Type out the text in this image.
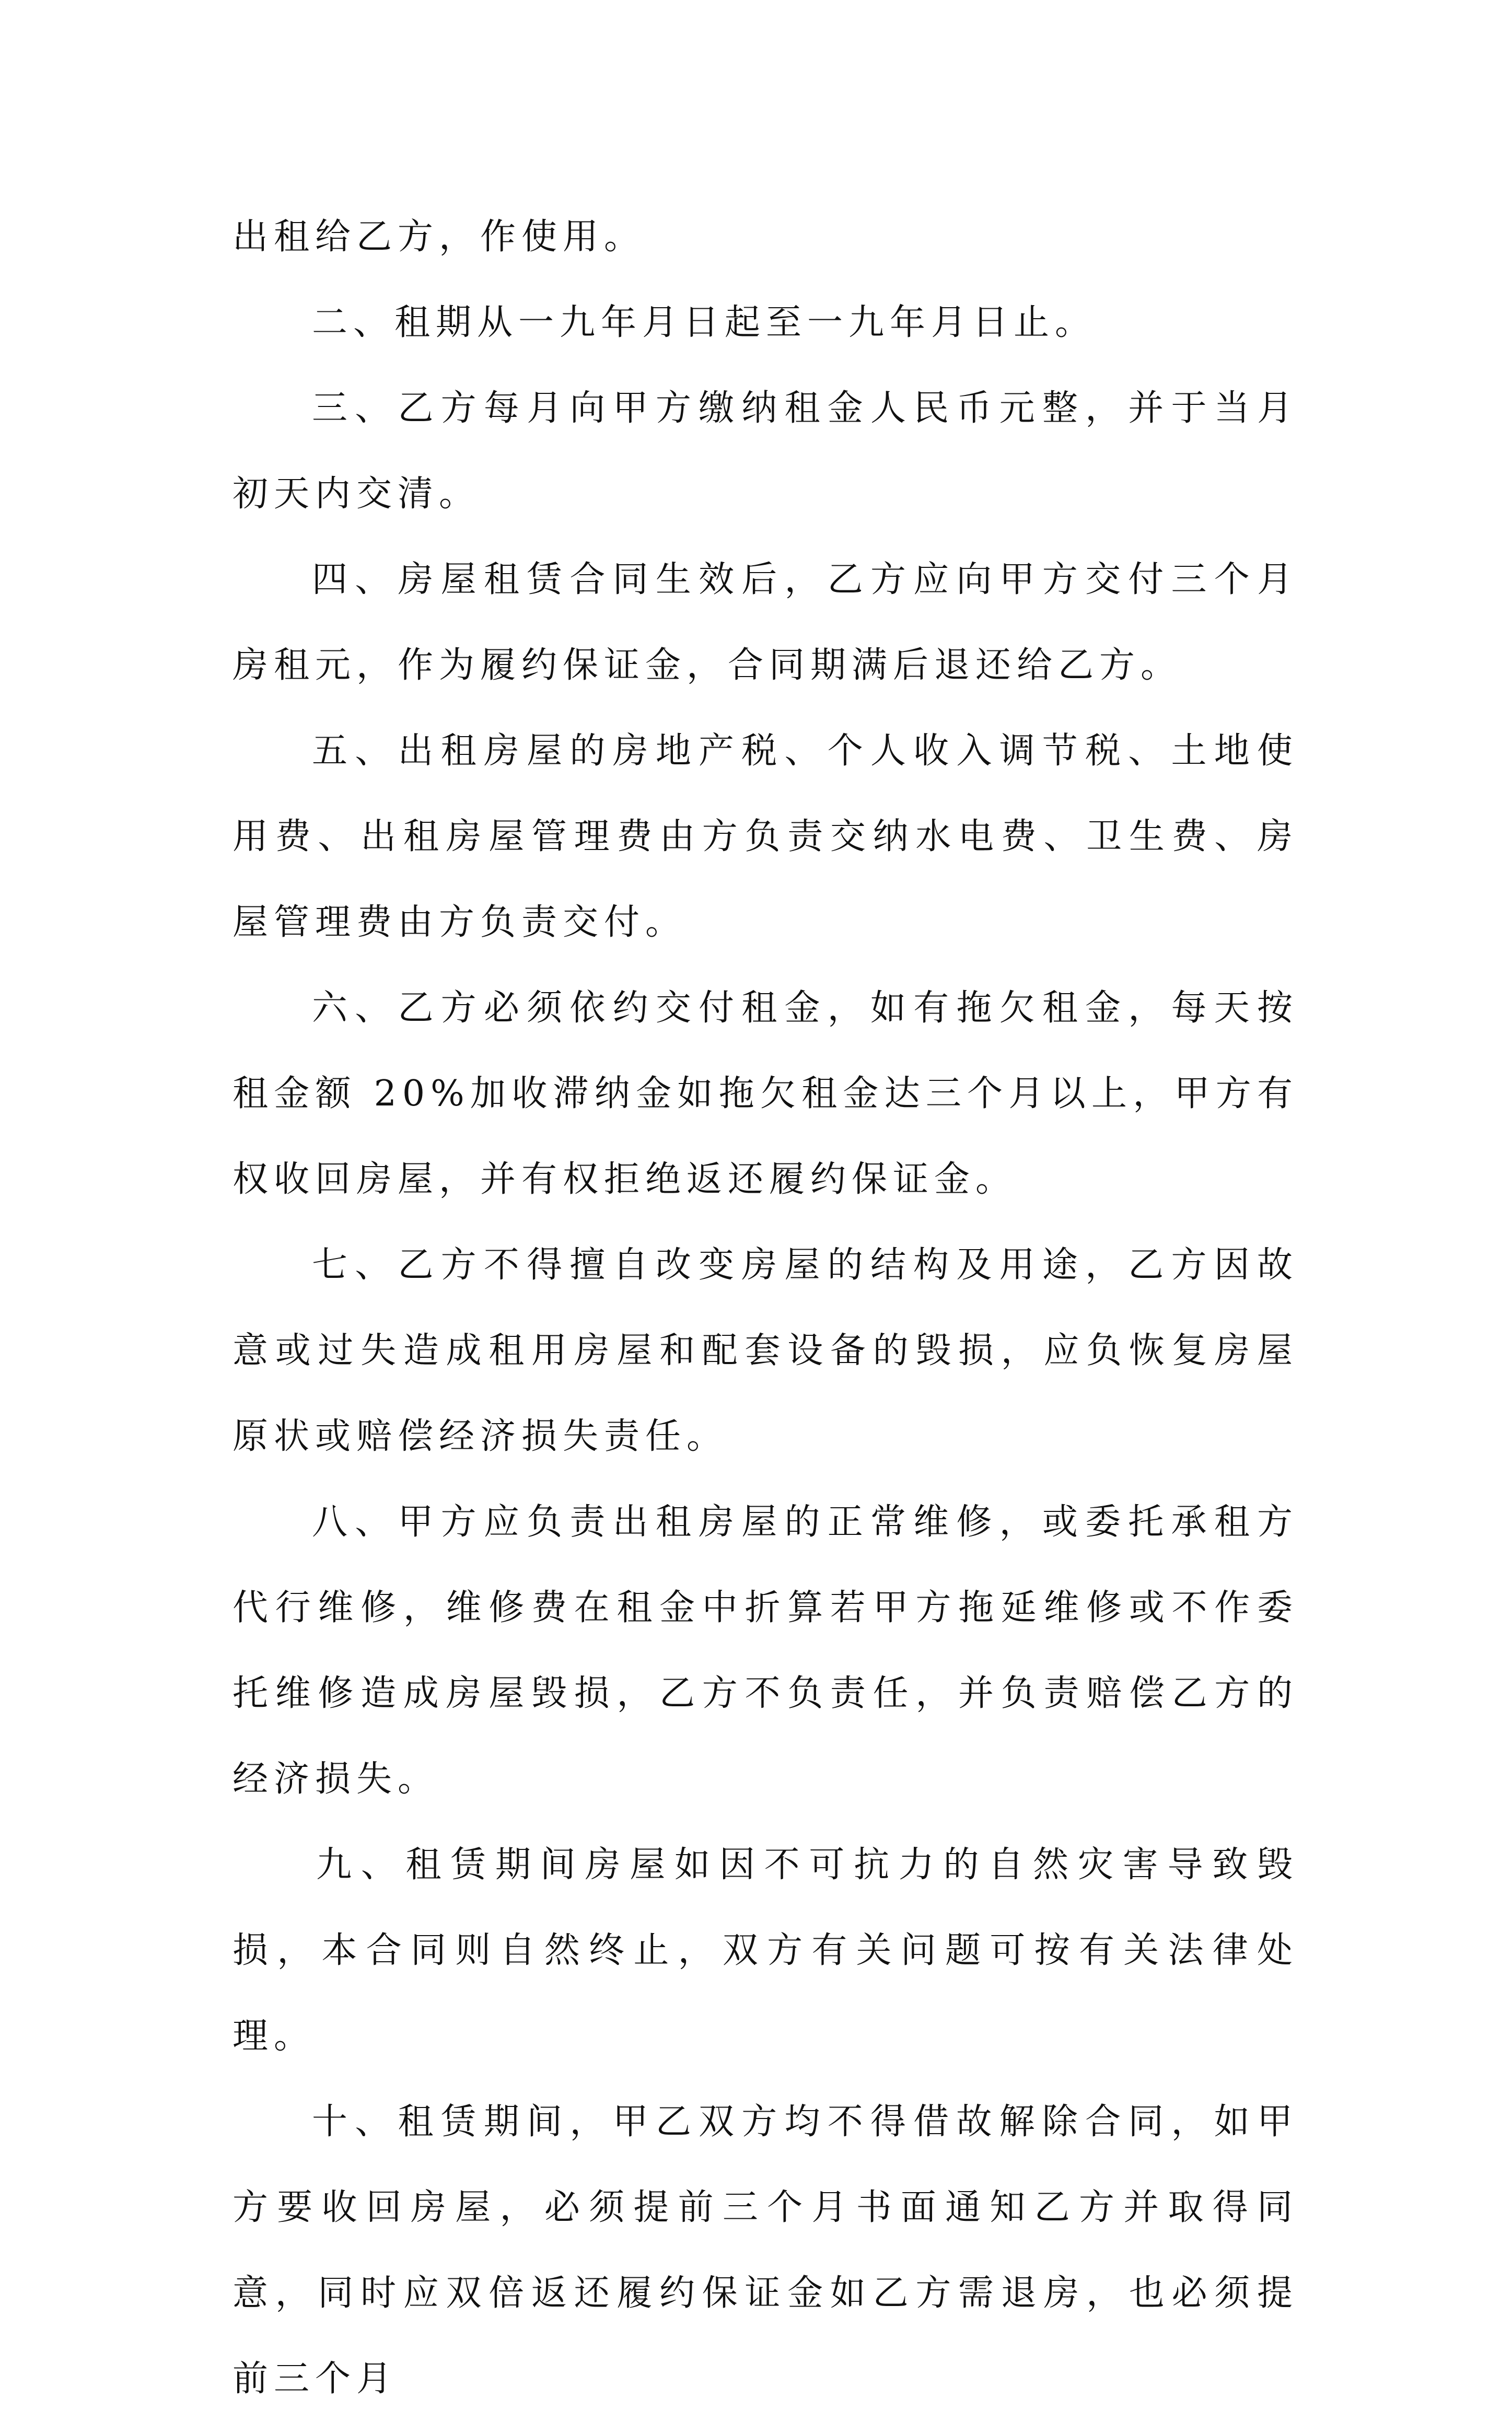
出租给乙方，作使用。

二、租期从一九年月日起至一九年月日止。

三、乙方每月向甲方缴纳租金人民币元整，并于当月初天内交清。

四、房屋租赁合同生效后，乙方应向甲方交付三个月房租元，作为履约保证金，合同期满后退还给乙方。

五、出租房屋的房地产税、个人收入调节税、土地使用费、出租房屋管理费由方负责交纳水电费、卫生费、房屋管理费由方负责交付。

六、乙方必须依约交付租金，如有拖欠租金，每天按租金额 20%加收滞纳金如拖欠租金达三个月以上，甲方有权收回房屋，并有权拒绝返还履约保证金。

七、乙方不得擅自改变房屋的结构及用途，乙方因故意或过失造成租用房屋和配套设备的毁损，应负恢复房屋原状或赔偿经济损失责任。

八、甲方应负责出租房屋的正常维修，或委托承租方代行维修，维修费在租金中折算若甲方拖延维修或不作委托维修造成房屋毁损，乙方不负责任，并负责赔偿乙方的经济损失。

九、租赁期间房屋如因不可抗力的自然灾害导致毁损，本合同则自然终止，双方有关问题可按有关法律处理。

十、租赁期间，甲乙双方均不得借故解除合同，如甲方要收回房屋，必须提前三个月书面通知乙方并取得同意，同时应双倍返还履约保证金如乙方需退房，也必须提前三个月
